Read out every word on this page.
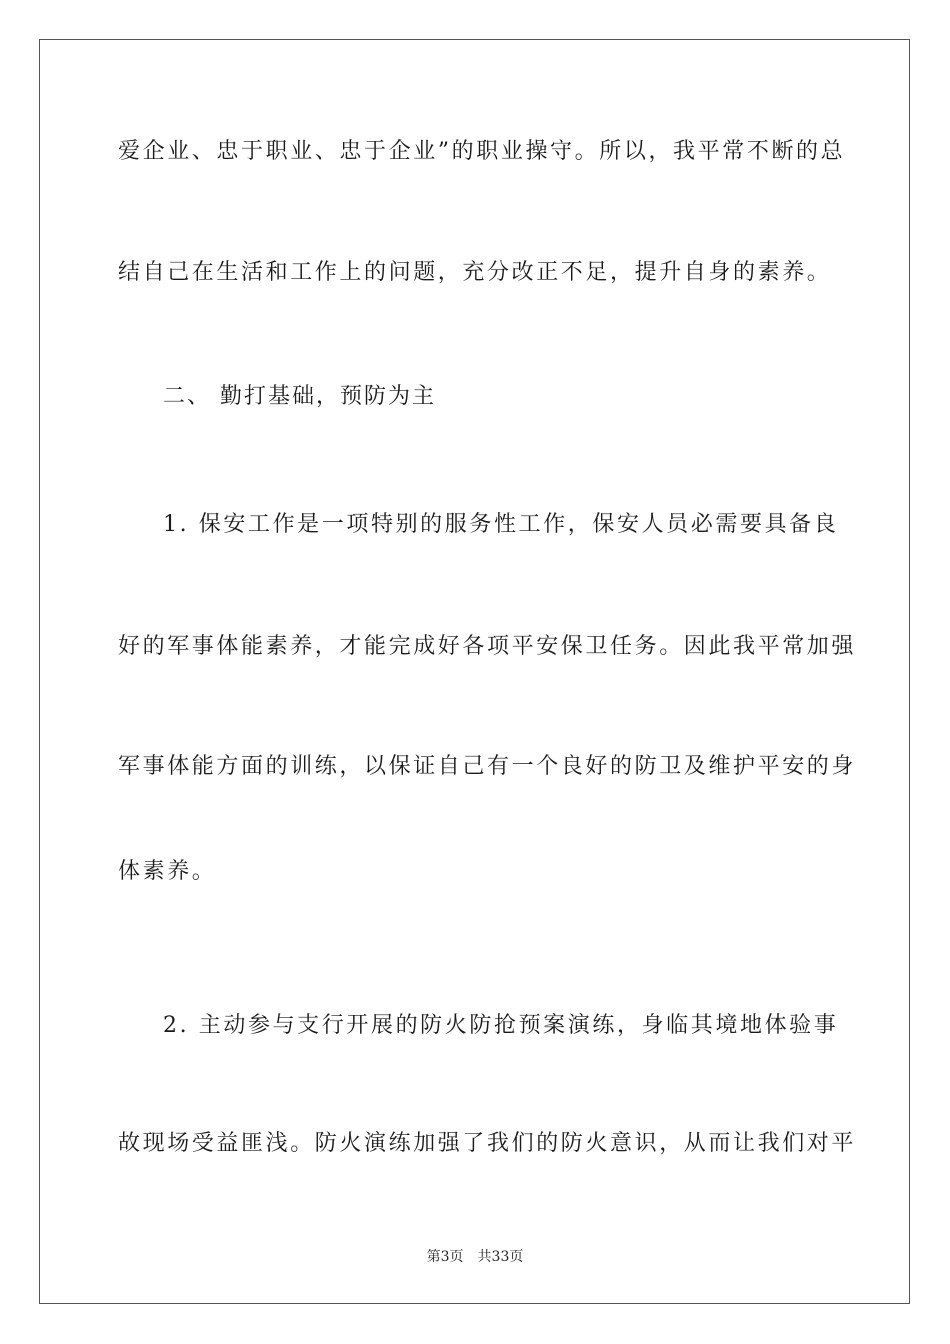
爱企业、忠于职业、忠于企业”的职业操守。所以，我平常不断的总
结自己在生活和工作上的问题，充分改正不足，提升自身的素养。
二、 勤打基础，预防为主
1. 保安工作是一项特别的服务性工作，保安人员必需要具备良
好的军事体能素养，才能完成好各项平安保卫任务。因此我平常加强
军事体能方面的训练，以保证自己有一个良好的防卫及维护平安的身
体素养。
2. 主动参与支行开展的防火防抢预案演练，身临其境地体验事
故现场受益匪浅。防火演练加强了我们的防火意识，从而让我们对平
第3页 共33页
